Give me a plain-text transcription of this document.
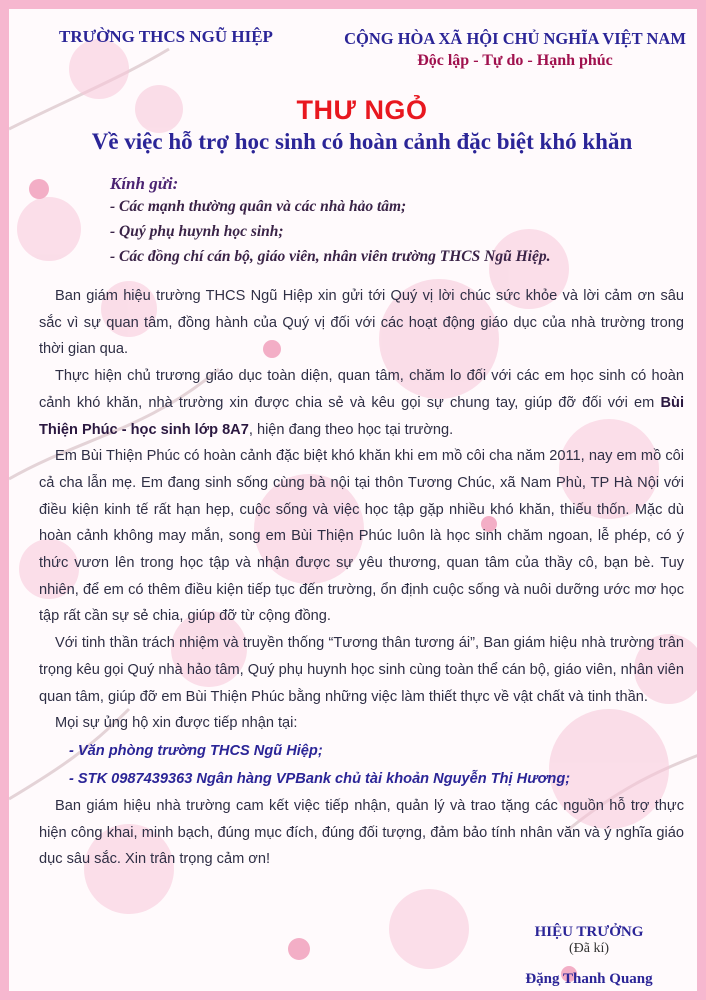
TRƯỜNG THCS NGŨ HIỆP	CỘNG HÒA XÃ HỘI CHỦ NGHĨA VIỆT NAM
Độc lập - Tự do - Hạnh phúc
THƯ NGỎ
Về việc hỗ trợ học sinh có hoàn cảnh đặc biệt khó khăn
Kính gửi:
- Các mạnh thường quân và các nhà hảo tâm;
- Quý phụ huynh học sinh;
- Các đồng chí cán bộ, giáo viên, nhân viên trường THCS Ngũ Hiệp.

Ban giám hiệu trường THCS Ngũ Hiệp xin gửi tới Quý vị lời chúc sức khỏe và lời cảm ơn sâu sắc vì sự quan tâm, đồng hành của Quý vị đối với các hoạt động giáo dục của nhà trường trong thời gian qua.

Thực hiện chủ trương giáo dục toàn diện, quan tâm, chăm lo đối với các em học sinh có hoàn cảnh khó khăn, nhà trường xin được chia sẻ và kêu gọi sự chung tay, giúp đỡ đối với em Bùi Thiện Phúc - học sinh lớp 8A7, hiện đang theo học tại trường.

Em Bùi Thiện Phúc có hoàn cảnh đặc biệt khó khăn khi em mồ côi cha năm 2011, nay em mồ côi cả cha lẫn mẹ. Em đang sinh sống cùng bà nội tại thôn Tương Chúc, xã Nam Phù, TP Hà Nội với điều kiện kinh tế rất hạn hẹp, cuộc sống và việc học tập gặp nhiều khó khăn, thiếu thốn. Mặc dù hoàn cảnh không may mắn, song em Bùi Thiện Phúc luôn là học sinh chăm ngoan, lễ phép, có ý thức vươn lên trong học tập và nhận được sự yêu thương, quan tâm của thầy cô, bạn bè. Tuy nhiên, để em có thêm điều kiện tiếp tục đến trường, ổn định cuộc sống và nuôi dưỡng ước mơ học tập rất cần sự sẻ chia, giúp đỡ từ cộng đồng.

Với tinh thần trách nhiệm và truyền thống “Tương thân tương ái”, Ban giám hiệu nhà trường trân trọng kêu gọi Quý nhà hảo tâm, Quý phụ huynh học sinh cùng toàn thể cán bộ, giáo viên, nhân viên quan tâm, giúp đỡ em Bùi Thiện Phúc bằng những việc làm thiết thực về vật chất và tinh thần.

Mọi sự ủng hộ xin được tiếp nhận tại:

- Văn phòng trường THCS Ngũ Hiệp;
- STK 0987439363 Ngân hàng VPBank chủ tài khoản Nguyễn Thị Hương;

Ban giám hiệu nhà trường cam kết việc tiếp nhận, quản lý và trao tặng các nguồn hỗ trợ thực hiện công khai, minh bạch, đúng mục đích, đúng đối tượng, đảm bảo tính nhân văn và ý nghĩa giáo dục sâu sắc. Xin trân trọng cảm ơn!

HIỆU TRƯỞNG
(Đã kí)
Đặng Thanh Quang
